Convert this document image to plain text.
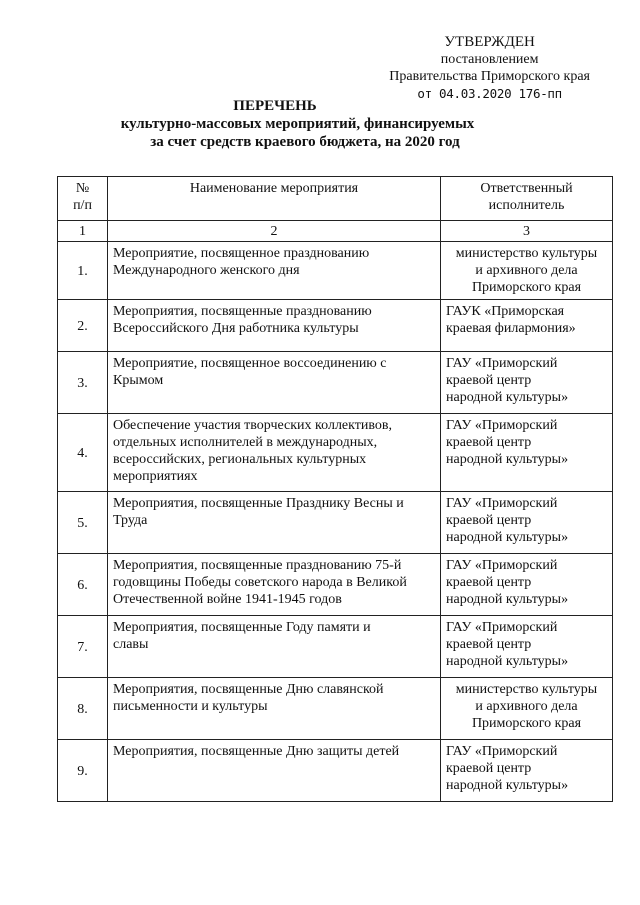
УТВЕРЖДЕН
постановлением
Правительства Приморского края
от 04.03.2020 176-пп
ПЕРЕЧЕНЬ
культурно-массовых мероприятий, финансируемых
за счет средств краевого бюджета, на 2020 год
№
п/п	Наименование мероприятия	Ответственный
исполнитель
1	2	3
1.	Мероприятие, посвященное празднованию
Международного женского дня	министерство культуры
и архивного дела
Приморского края
2.	Мероприятия, посвященные празднованию
Всероссийского Дня работника культуры	ГАУК «Приморская
краевая филармония»
3.	Мероприятие, посвященное воссоединению с
Крымом	ГАУ «Приморский
краевой центр
народной культуры»
4.	Обеспечение участия творческих коллективов,
отдельных исполнителей в международных,
всероссийских, региональных культурных
мероприятиях	ГАУ «Приморский
краевой центр
народной культуры»
5.	Мероприятия, посвященные Празднику Весны и
Труда	ГАУ «Приморский
краевой центр
народной культуры»
6.	Мероприятия, посвященные празднованию 75-й
годовщины Победы советского народа в Великой
Отечественной войне 1941-1945 годов	ГАУ «Приморский
краевой центр
народной культуры»
7.	Мероприятия, посвященные Году памяти и
славы	ГАУ «Приморский
краевой центр
народной культуры»
8.	Мероприятия, посвященные Дню славянской
письменности и культуры	министерство культуры
и архивного дела
Приморского края
9.	Мероприятия, посвященные Дню защиты детей	ГАУ «Приморский
краевой центр
народной культуры»
